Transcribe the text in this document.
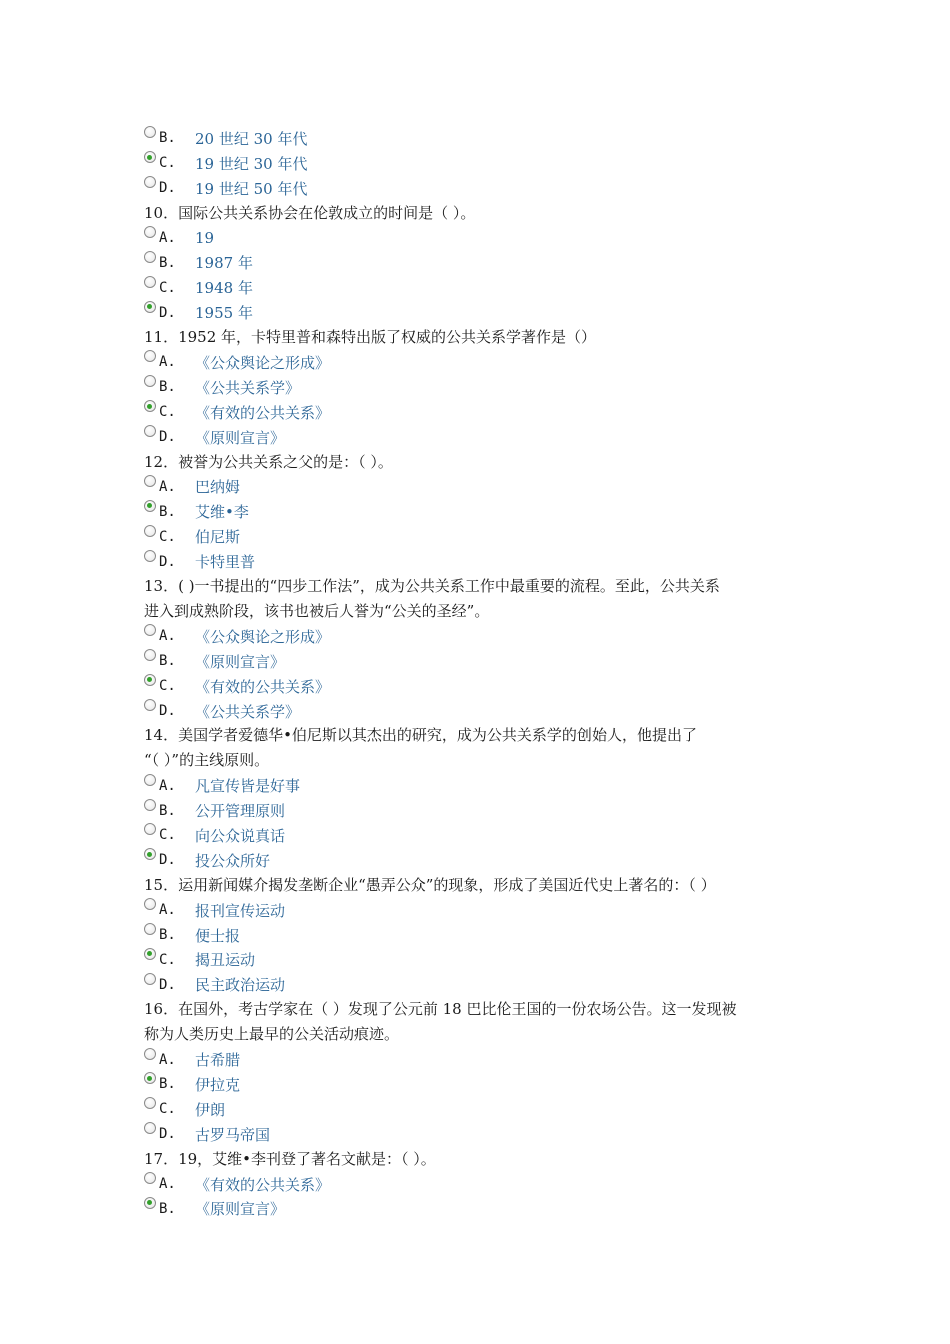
B.	20 世纪 30 年代
C.	19 世纪 30 年代
D.	19 世纪 50 年代
10．国际公共关系协会在伦敦成立的时间是（ ）。
A.	19
B.	1987 年
C.	1948 年
D.	1955 年
11．1952 年，卡特里普和森特出版了权威的公共关系学著作是（）
A.	《公众舆论之形成》
B.	《公共关系学》
C.	《有效的公共关系》
D.	《原则宣言》
12．被誉为公共关系之父的是：（ ）。
A.	巴纳姆
B.	艾维•李
C.	伯尼斯
D.	卡特里普
13．( )一书提出的“四步工作法”，成为公共关系工作中最重要的流程。至此，公共关系
进入到成熟阶段，该书也被后人誉为“公关的圣经”。
A.	《公众舆论之形成》
B.	《原则宣言》
C.	《有效的公共关系》
D.	《公共关系学》
14．美国学者爱德华•伯尼斯以其杰出的研究，成为公共关系学的创始人，他提出了
“（ ）”的主线原则。
A.	凡宣传皆是好事
B.	公开管理原则
C.	向公众说真话
D.	投公众所好
15．运用新闻媒介揭发垄断企业“愚弄公众”的现象，形成了美国近代史上著名的：（ ）
A.	报刊宣传运动
B.	便士报
C.	揭丑运动
D.	民主政治运动
16．在国外，考古学家在（ ）发现了公元前 18 巴比伦王国的一份农场公告。这一发现被
称为人类历史上最早的公关活动痕迹。
A.	古希腊
B.	伊拉克
C.	伊朗
D.	古罗马帝国
17．19，艾维•李刊登了著名文献是：（ ）。
A.	《有效的公共关系》
B.	《原则宣言》
